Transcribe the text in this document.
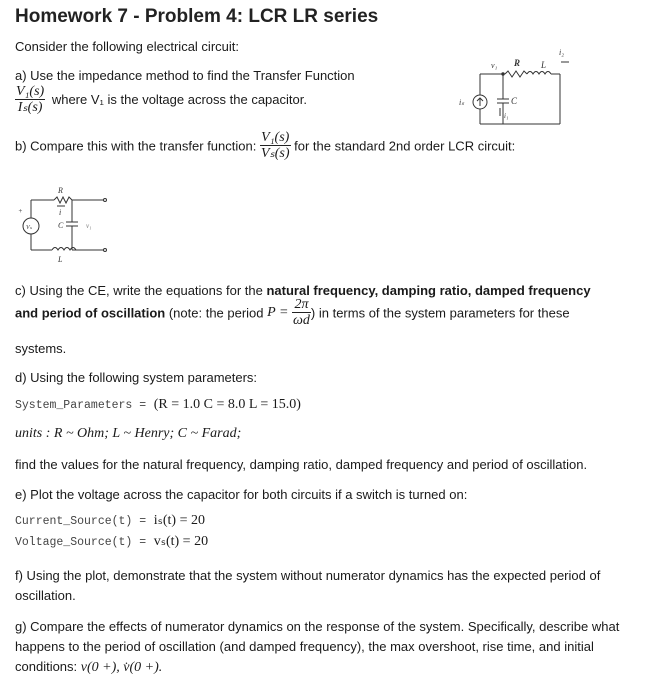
Homework 7 - Problem 4: LCR LR series
Consider the following electrical circuit:
a) Use the impedance method to find the Transfer Function
$\frac{\text{V₁(s)}}{\text{Iₛ(s)}}$ where V₁ is the voltage across the capacitor.
v₁ R
i₂
L
iₛ	C
i₁
b) Compare this with the transfer function: $\frac{\text{V₁(s)}}{\text{Vₛ(s)}}$ for the standard 2nd order LCR circuit:
R
i
C	v₁
Vₛ
+
L
c) Using the CE, write the equations for the natural frequency, damping ratio, damped frequency
and period of oscillation (note: the period $P = \frac{2\pi}{\omega d}$ ) in terms of the system parameters for these
systems.
d) Using the following system parameters:
System_Parameters = (R = 1.0 C = 8.0 L = 15.0)
units : R ~ Ohm; L ~ Henry; C ~ Farad;
find the values for the natural frequency, damping ratio, damped frequency and period of oscillation.
e) Plot the voltage across the capacitor for both circuits if a switch is turned on:
Current_Source(t) = iₛ(t) = 20
Voltage_Source(t) = vₛ(t) = 20
f) Using the plot, demonstrate that the system without numerator dynamics has the expected period of oscillation.
g) Compare the effects of numerator dynamics on the response of the system. Specifically, describe what happens to the period of oscillation (and damped frequency), the max overshoot, rise time, and initial conditions: v(0 +), v̇(0 +).
